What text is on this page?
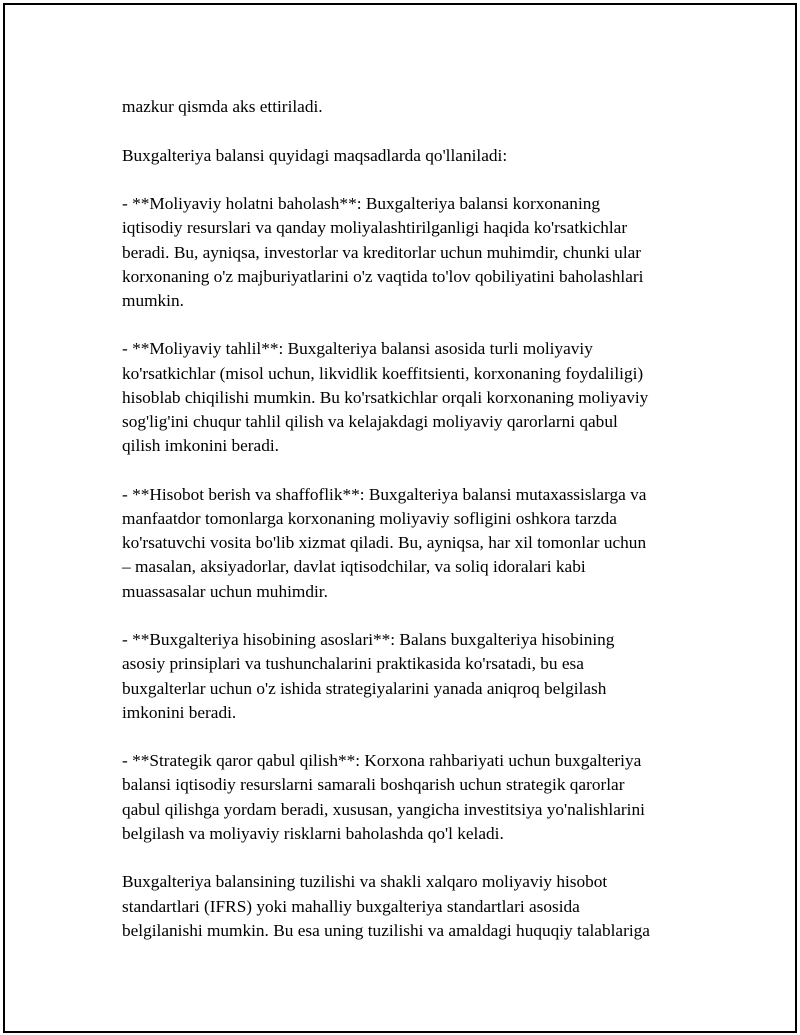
mazkur qismda aks ettiriladi.
Buxgalteriya balansi quyidagi maqsadlarda qo'llaniladi:
- **Moliyaviy holatni baholash**: Buxgalteriya balansi korxonaning
iqtisodiy resurslari va qanday moliyalashtirilganligi haqida ko'rsatkichlar
beradi. Bu, ayniqsa, investorlar va kreditorlar uchun muhimdir, chunki ular
korxonaning o'z majburiyatlarini o'z vaqtida to'lov qobiliyatini baholashlari
mumkin.
- **Moliyaviy tahlil**: Buxgalteriya balansi asosida turli moliyaviy
ko'rsatkichlar (misol uchun, likvidlik koeffitsienti, korxonaning foydaliligi)
hisoblab chiqilishi mumkin. Bu ko'rsatkichlar orqali korxonaning moliyaviy
sog'lig'ini chuqur tahlil qilish va kelajakdagi moliyaviy qarorlarni qabul
qilish imkonini beradi.
- **Hisobot berish va shaffoflik**: Buxgalteriya balansi mutaxassislarga va
manfaatdor tomonlarga korxonaning moliyaviy sofligini oshkora tarzda
ko'rsatuvchi vosita bo'lib xizmat qiladi. Bu, ayniqsa, har xil tomonlar uchun
– masalan, aksiyadorlar, davlat iqtisodchilar, va soliq idoralari kabi
muassasalar uchun muhimdir.
- **Buxgalteriya hisobining asoslari**: Balans buxgalteriya hisobining
asosiy prinsiplari va tushunchalarini praktikasida ko'rsatadi, bu esa
buxgalterlar uchun o'z ishida strategiyalarini yanada aniqroq belgilash
imkonini beradi.
- **Strategik qaror qabul qilish**: Korxona rahbariyati uchun buxgalteriya
balansi iqtisodiy resurslarni samarali boshqarish uchun strategik qarorlar
qabul qilishga yordam beradi, xususan, yangicha investitsiya yo'nalishlarini
belgilash va moliyaviy risklarni baholashda qo'l keladi.
Buxgalteriya balansining tuzilishi va shakli xalqaro moliyaviy hisobot
standartlari (IFRS) yoki mahalliy buxgalteriya standartlari asosida
belgilanishi mumkin. Bu esa uning tuzilishi va amaldagi huquqiy talablariga
